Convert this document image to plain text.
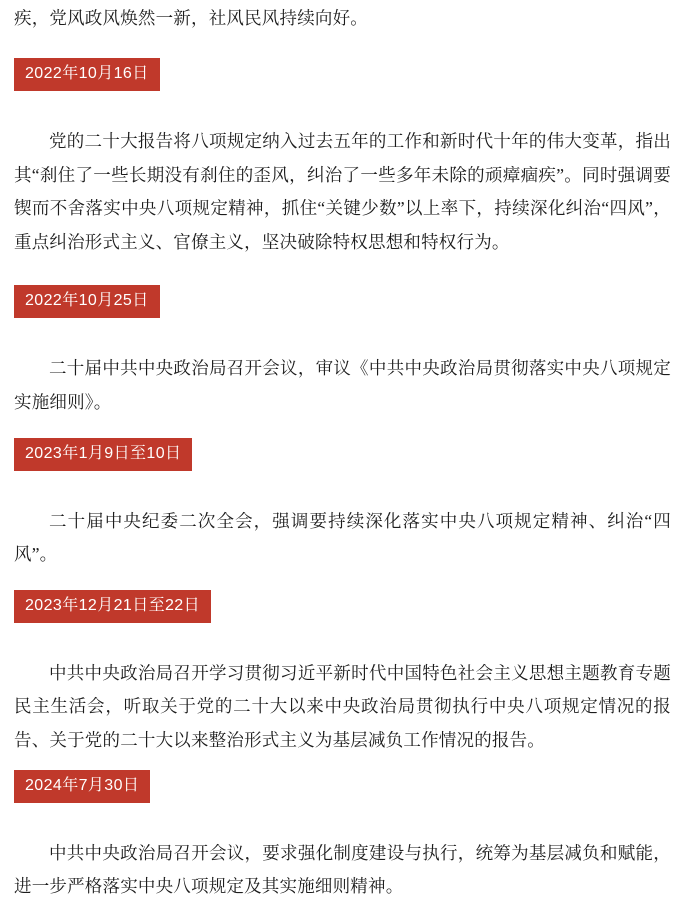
疾，党风政风焕然一新，社风民风持续向好。

2022年10月16日

党的二十大报告将八项规定纳入过去五年的工作和新时代十年的伟大变革，指出其“刹住了一些长期没有刹住的歪风，纠治了一些多年未除的顽瘴痼疾”。同时强调要锲而不舍落实中央八项规定精神，抓住“关键少数”以上率下，持续深化纠治“四风”，重点纠治形式主义、官僚主义，坚决破除特权思想和特权行为。

2022年10月25日

二十届中共中央政治局召开会议，审议《中共中央政治局贯彻落实中央八项规定实施细则》。

2023年1月9日至10日

二十届中央纪委二次全会，强调要持续深化落实中央八项规定精神、纠治“四风”。

2023年12月21日至22日

中共中央政治局召开学习贯彻习近平新时代中国特色社会主义思想主题教育专题民主生活会，听取关于党的二十大以来中央政治局贯彻执行中央八项规定情况的报告、关于党的二十大以来整治形式主义为基层减负工作情况的报告。

2024年7月30日

中共中央政治局召开会议，要求强化制度建设与执行，统筹为基层减负和赋能，进一步严格落实中央八项规定及其实施细则精神。
